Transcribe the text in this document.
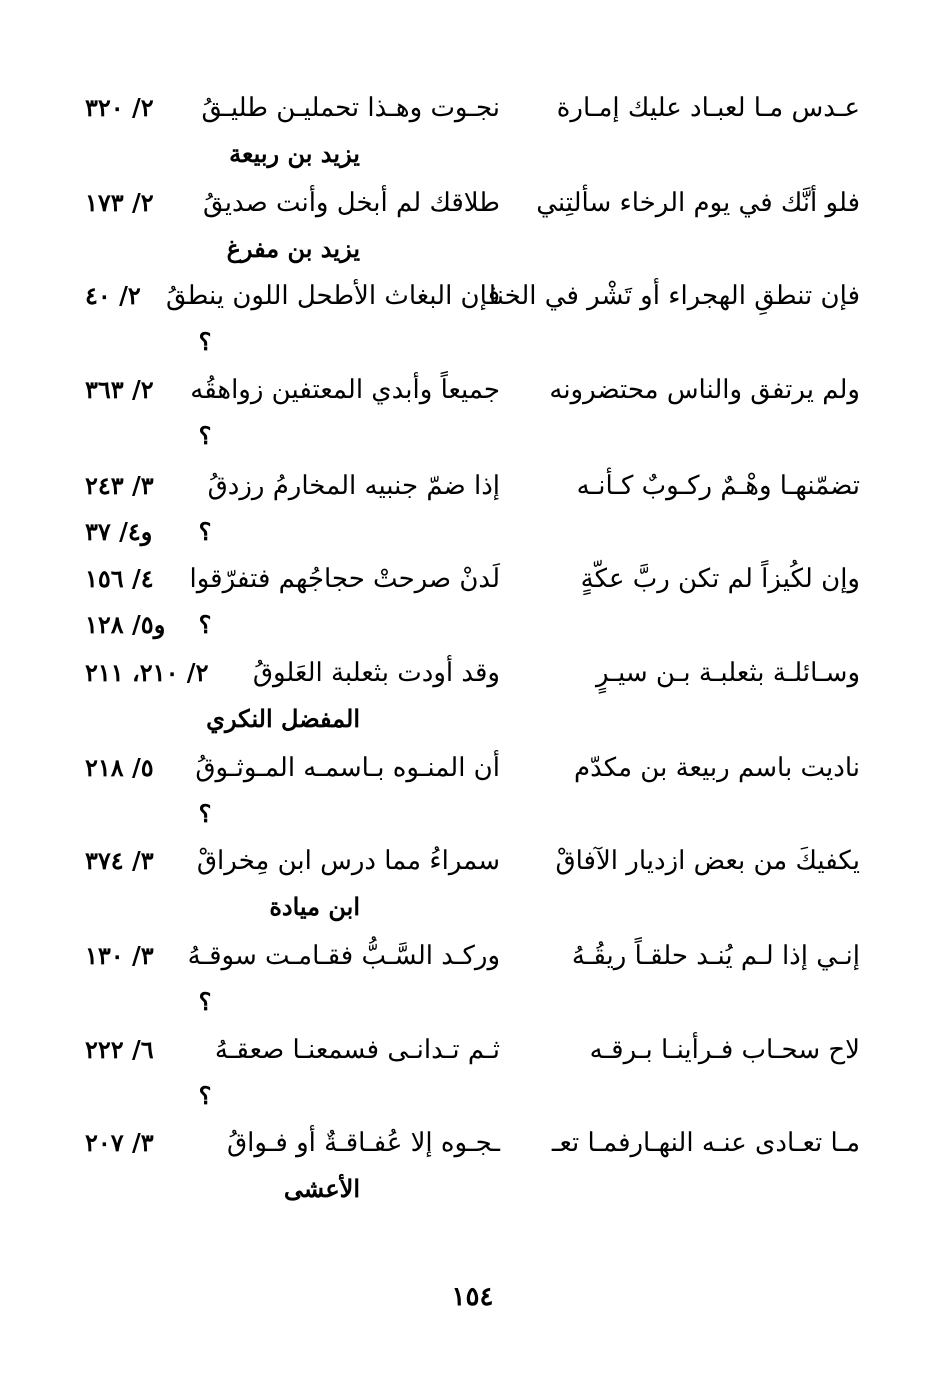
عـدس مـا لعبـاد عليك إمـارة
نجـوت وهـذا تحمليـن طليـقُ
٢/ ٣٢٠
يزيد بن ربيعة
فلو أنَّك في يوم الرخاء سألتِني
طلاقك لم أبخل وأنت صديقُ
٢/ ١٧٣
يزيد بن مفرغ
فإن تنطقِ الهجراء أو تَشْر في الخنا
فإن البغاث الأطحل اللون ينطقُ
٢/ ٤٠
؟
ولم يرتفق والناس محتضرونه
جميعاً وأبدي المعتفين زواهقُه
٢/ ٣٦٣
؟
تضمّنهـا وهْـمٌ ركـوبٌ كـأنـه
إذا ضمّ جنبيه المخارمُ رزدقُ
٣/ ٢٤٣
؟
و٤/ ٣٧
وإن لكُيزاً لم تكن ربَّ عكّةٍ
لَدنْ صرحتْ حجاجُهم فتفرّقوا
٤/ ١٥٦
؟
و٥/ ١٢٨
وسـائلـة بثعلبـة بـن سيـرٍ
وقد أودت بثعلبة العَلوقُ
٢/ ٢١٠، ٢١١
المفضل النكري
ناديت باسم ربيعة بن مكدّم
أن المنـوه بـاسمـه المـوثـوقُ
٥/ ٢١٨
؟
يكفيكَ من بعض ازديار الآفاقْ
سمراءُ مما درس ابن مِخراقْ
٣/ ٣٧٤
ابن ميادة
إنـي إذا لـم يُنـد حلقـاً ريقُـهُ
وركـد السَّـبُّ فقـامـت سوقـهُ
٣/ ١٣٠
؟
لاح سحـاب فـرأينـا بـرقـه
ثـم تـدانـى فسمعنـا صعقـهُ
٦/ ٢٢٢
؟
مـا تعـادى عنـه النهـارفمـا تعـ
ـجـوه إلا عُفـاقـةٌ أو فـواقُ
٣/ ٢٠٧
الأعشى
١٥٤
